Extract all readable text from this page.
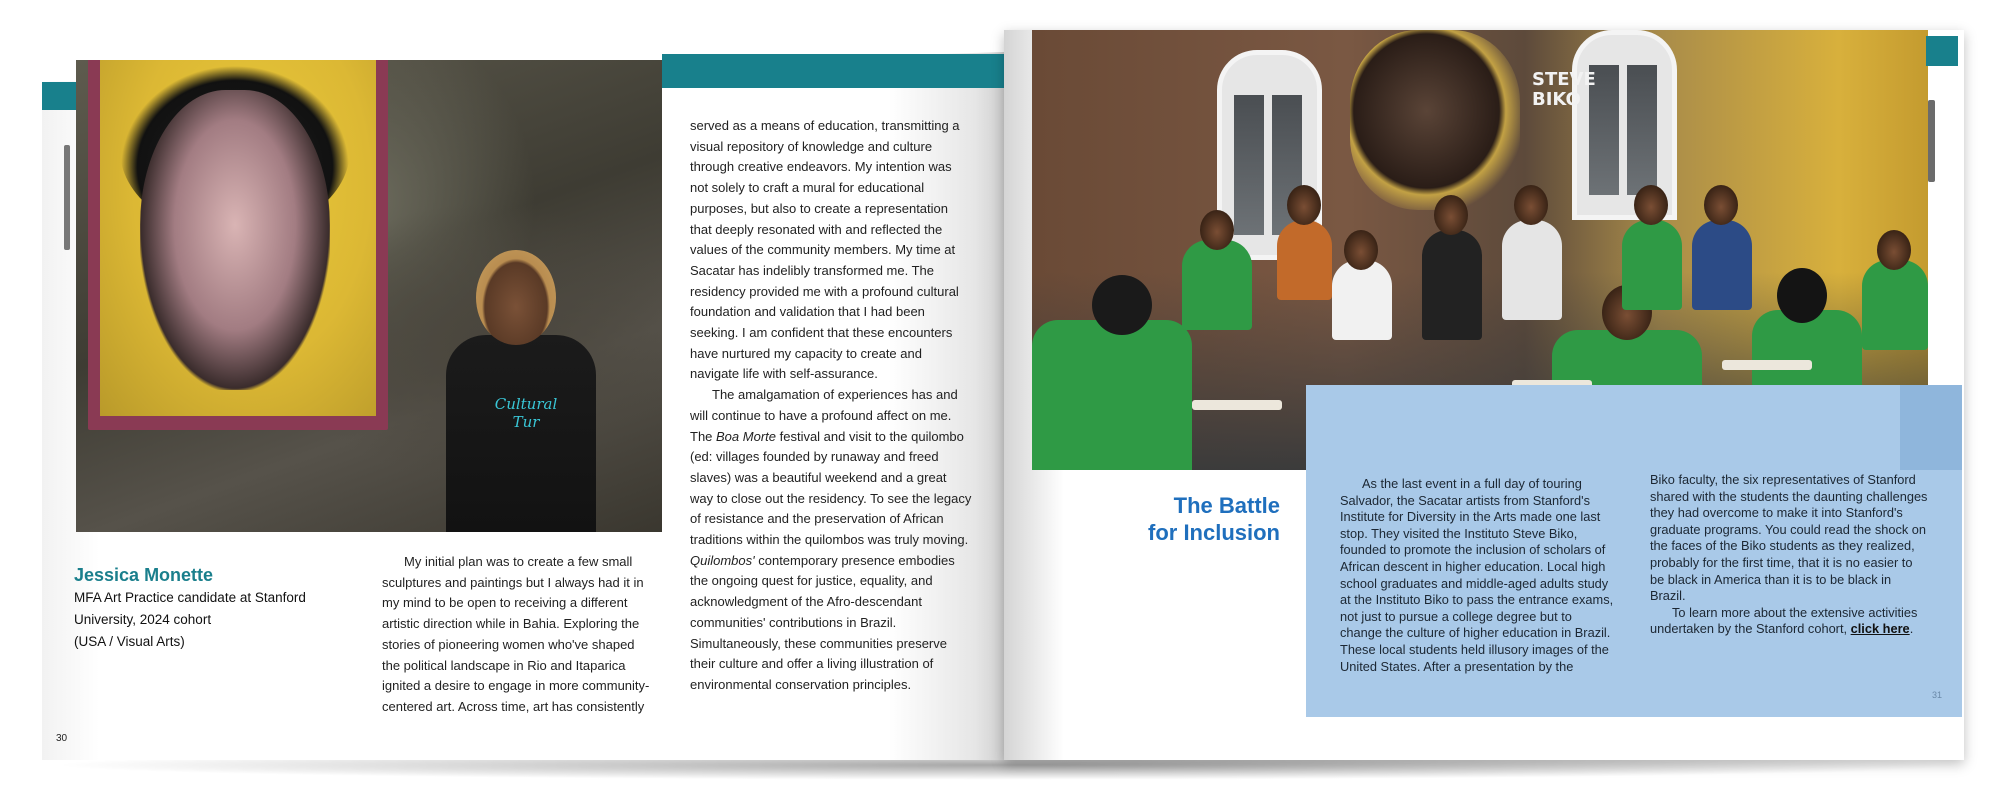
Cultural Tur
Jessica Monette
MFA Art Practice candidate at Stanford
University, 2024 cohort
(USA / Visual Arts)

My initial plan was to create a few small sculptures and paintings but I always had it in my mind to be open to receiving a different artistic direction while in Bahia. Exploring the stories of pioneering women who've shaped the political landscape in Rio and Itaparica ignited a desire to engage in more community-centered art. Across time, art has consistently

served as a means of education, transmitting a visual repository of knowledge and culture through creative endeavors. My intention was not solely to craft a mural for educational purposes, but also to create a representation that deeply resonated with and reflected the values of the community members. My time at Sacatar has indelibly transformed me. The residency provided me with a profound cultural foundation and validation that I had been seeking. I am confident that these encounters have nurtured my capacity to create and navigate life with self-assurance.

The amalgamation of experiences has and will continue to have a profound affect on me. The Boa Morte festival and visit to the quilombo (ed: villages founded by runaway and freed slaves) was a beautiful weekend and a great way to close out the residency. To see the legacy of resistance and the preservation of African traditions within the quilombos was truly moving. Quilombos' contemporary presence embodies the ongoing quest for justice, equality, and acknowledgment of the Afro-descendant communities' contributions in Brazil. Simultaneously, these communities preserve their culture and offer a living illustration of environmental conservation principles.

30
STEVE
BIKO
The Battle
for Inclusion

As the last event in a full day of touring Salvador, the Sacatar artists from Stanford's Institute for Diversity in the Arts made one last stop. They visited the Instituto Steve Biko, founded to promote the inclusion of scholars of African descent in higher education. Local high school graduates and middle-aged adults study at the Instituto Biko to pass the entrance exams, not just to pursue a college degree but to change the culture of higher education in Brazil. These local students held illusory images of the United States. After a presentation by the

Biko faculty, the six representatives of Stanford shared with the students the daunting challenges they had overcome to make it into Stanford's graduate programs. You could read the shock on the faces of the Biko students as they realized, probably for the first time, that it is no easier to be black in America than it is to be black in Brazil.

To learn more about the extensive activities undertaken by the Stanford cohort, click here.

31
